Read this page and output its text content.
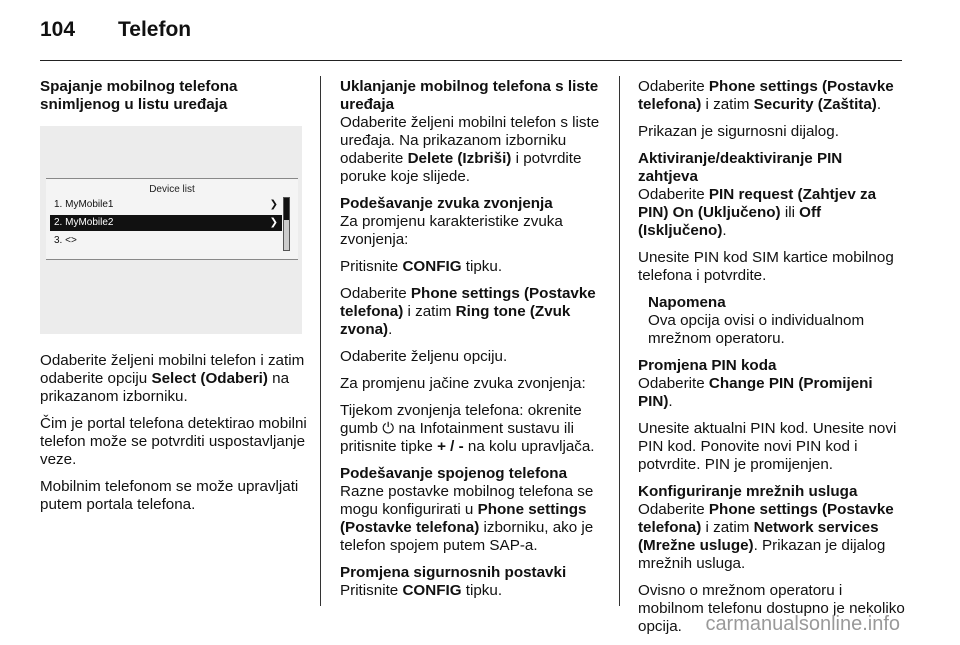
104 Telefon
Spajanje mobilnog telefona snimljenog u listu uređaja
Device list
1. MyMobile1	❯
2. MyMobile2	❯
3. <>

Odaberite željeni mobilni telefon i zatim odaberite opciju Select (Odaberi) na prikazanom izborniku.

Čim je portal telefona detektirao mobilni telefon može se potvrditi uspostavljanje veze.

Mobilnim telefonom se može upravljati putem portala telefona.

Uklanjanje mobilnog telefona s liste uređaja
Odaberite željeni mobilni telefon s liste uređaja. Na prikazanom izborniku odaberite Delete (Izbriši) i potvrdite poruke koje slijede.
Podešavanje zvuka zvonjenja

Za promjenu karakteristike zvuka zvonjenja:

Pritisnite CONFIG tipku.

Odaberite Phone settings (Postavke telefona) i zatim Ring tone (Zvuk zvona).

Odaberite željenu opciju.

Za promjenu jačine zvuka zvonjenja:

Tijekom zvonjenja telefona: okrenite gumb ⏻ na Infotainment sustavu ili pritisnite tipke + / - na kolu upravljača.

Podešavanje spojenog telefona
Razne postavke mobilnog telefona se mogu konfigurirati u Phone settings (Postavke telefona) izborniku, ako je telefon spojem putem SAP-a.
Promjena sigurnosnih postavki
Pritisnite CONFIG tipku.

Odaberite Phone settings (Postavke telefona) i zatim Security (Zaštita).

Prikazan je sigurnosni dijalog.

Aktiviranje/deaktiviranje PIN zahtjeva
Odaberite PIN request (Zahtjev za PIN) On (Uključeno) ili Off (Isključeno).

Unesite PIN kod SIM kartice mobilnog telefona i potvrdite.

Napomena
Ova opcija ovisi o individualnom mrežnom operatoru.
Promjena PIN koda

Odaberite Change PIN (Promijeni PIN).

Unesite aktualni PIN kod. Unesite novi PIN kod. Ponovite novi PIN kod i potvrdite. PIN je promijenjen.
Konfiguriranje mrežnih usluga

Odaberite Phone settings (Postavke telefona) i zatim Network services (Mrežne usluge). Prikazan je dijalog mrežnih usluga.

Ovisno o mrežnom operatoru i mobilnom telefonu dostupno je nekoliko opcija.	carmanualsonline.info
